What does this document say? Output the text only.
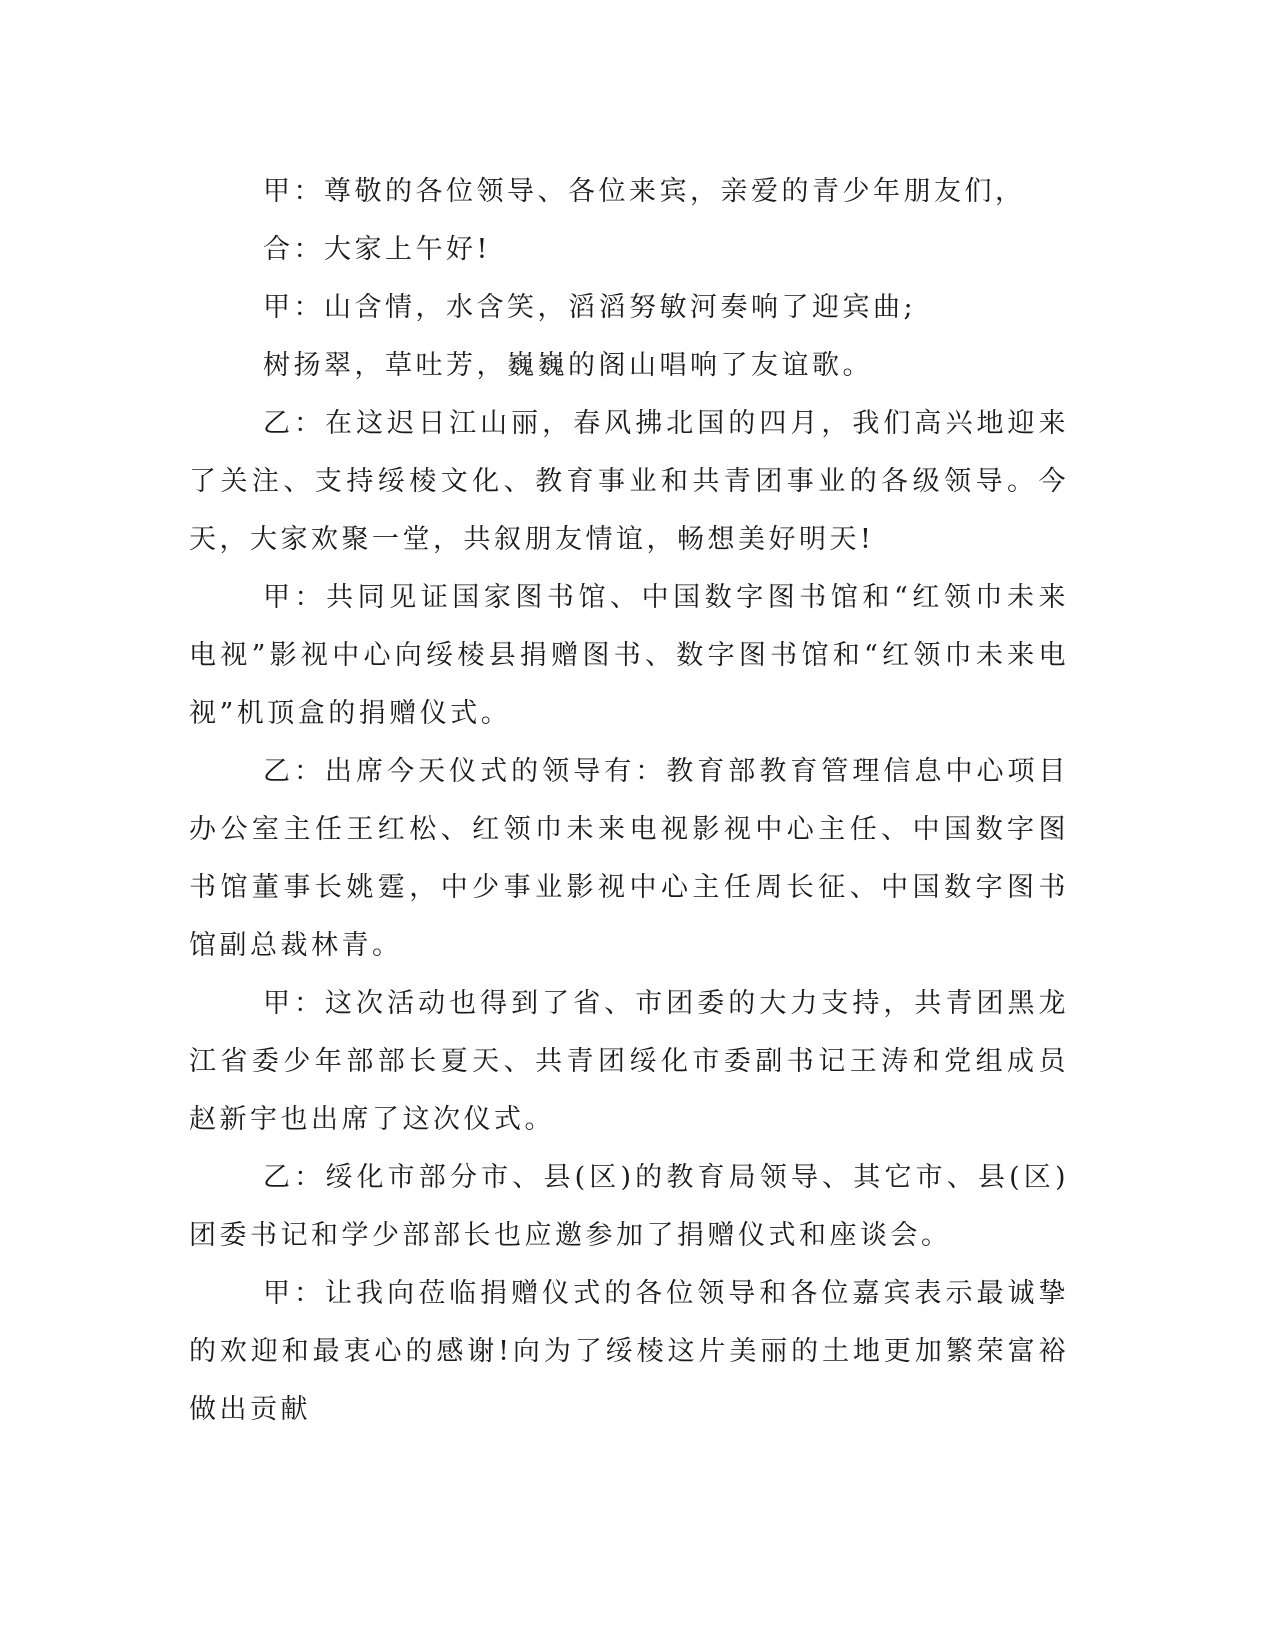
甲：尊敬的各位领导、各位来宾，亲爱的青少年朋友们，

合：大家上午好!

甲：山含情，水含笑，滔滔努敏河奏响了迎宾曲;

树扬翠，草吐芳，巍巍的阁山唱响了友谊歌。

乙：在这迟日江山丽，春风拂北国的四月，我们高兴地迎来了关注、支持绥棱文化、教育事业和共青团事业的各级领导。今天，大家欢聚一堂，共叙朋友情谊，畅想美好明天!

甲：共同见证国家图书馆、中国数字图书馆和“红领巾未来电视”影视中心向绥棱县捐赠图书、数字图书馆和“红领巾未来电视”机顶盒的捐赠仪式。

乙：出席今天仪式的领导有：教育部教育管理信息中心项目办公室主任王红松、红领巾未来电视影视中心主任、中国数字图书馆董事长姚霆，中少事业影视中心主任周长征、中国数字图书馆副总裁林青。

甲：这次活动也得到了省、市团委的大力支持，共青团黑龙江省委少年部部长夏天、共青团绥化市委副书记王涛和党组成员赵新宇也出席了这次仪式。

乙：绥化市部分市、县(区)的教育局领导、其它市、县(区)团委书记和学少部部长也应邀参加了捐赠仪式和座谈会。

甲：让我向莅临捐赠仪式的各位领导和各位嘉宾表示最诚挚的欢迎和最衷心的感谢!向为了绥棱这片美丽的土地更加繁荣富裕做出贡献
